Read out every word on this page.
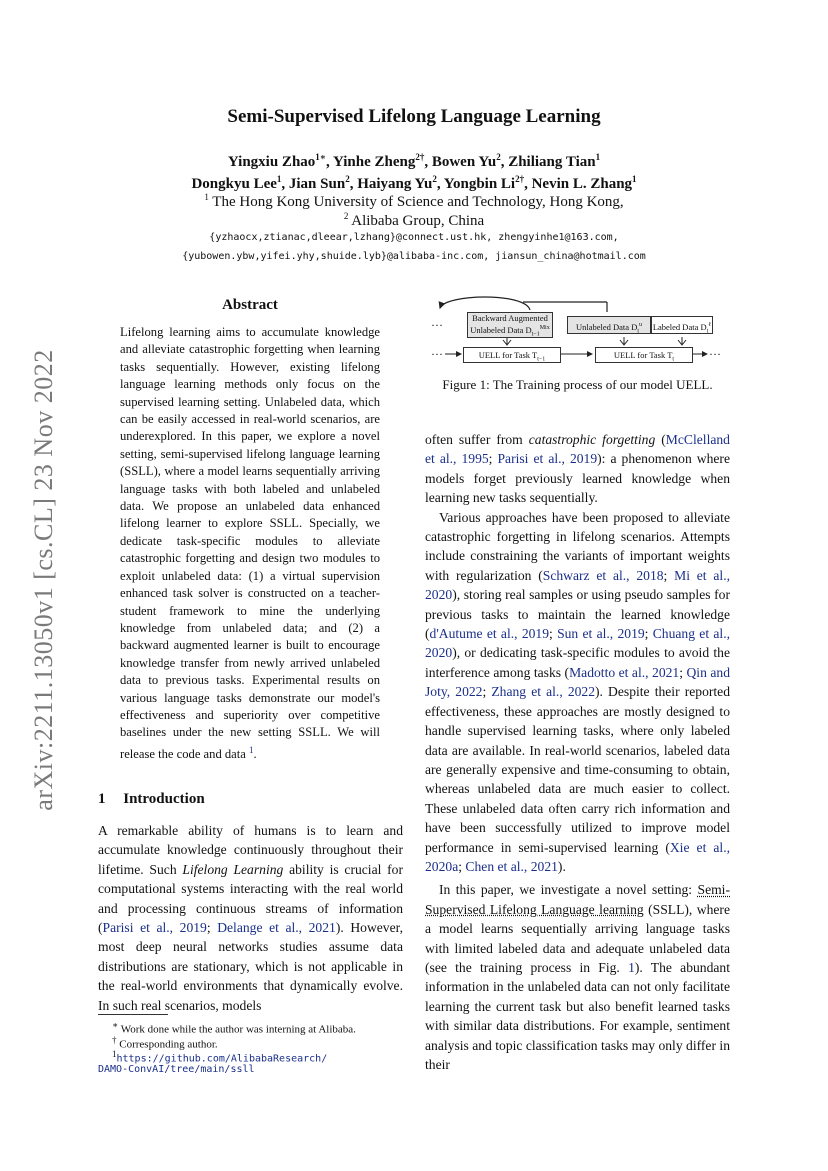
arXiv:2211.13050v1 [cs.CL] 23 Nov 2022
Semi-Supervised Lifelong Language Learning
Yingxiu Zhao$^{1∗}$, Yinhe Zheng$^{2\dagger}$, Bowen Yu$^2$, Zhiliang Tian$^1$
Dongkyu Lee$^1$, Jian Sun$^2$, Haiyang Yu$^2$, Yongbin $Li^{2\dagger}$, Nevin L. Zhang$^1$
$^1$ The Hong Kong University of Science and Technology, Hong Kong,
$^2$ Alibaba Group, China
{yzhaocx,ztianac,dleear,lzhang}@connect.ust.hk, zhengyinhe1@163.com,
{yubowen.ybw,yifei.yhy,shuide.lyb}@alibaba-inc.com, jiansun_china@hotmail.com
Abstract
Lifelong learning aims to accumulate knowledge and alleviate catastrophic forgetting when learning tasks sequentially. However, existing lifelong language learning methods only focus on the supervised learning setting. Unlabeled data, which can be easily accessed in real-world scenarios, are underexplored. In this paper, we explore a novel setting, semi-supervised lifelong language learning (SSLL), where a model learns sequentially arriving language tasks with both labeled and unlabeled data. We propose an unlabeled data enhanced lifelong learner to explore SSLL. Specially, we dedicate task-specific modules to alleviate catastrophic forgetting and design two modules to exploit unlabeled data: (1) a virtual supervision enhanced task solver is constructed on a teacher-student framework to mine the underlying knowledge from unlabeled data; and (2) a backward augmented learner is built to encourage knowledge transfer from newly arrived unlabeled data to previous tasks. Experimental results on various language tasks demonstrate our model's effectiveness and superiority over competitive baselines under the new setting SSLL. We will release the code and data $^1$.
1 Introduction
A remarkable ability of humans is to learn and accumulate knowledge continuously throughout their lifetime. Such Lifelong Learning ability is crucial for computational systems interacting with the real world and processing continuous streams of information (Parisi et al., 2019; Delange et al., 2021). However, most deep neural networks studies assume data distributions are stationary, which is not applicable in the real-world environments that dynamically evolve. In such real scenarios, models
∗ Work done while the author was interning at Alibaba.
† Corresponding author.
$^1$https://github.com/AlibabaResearch/
DAMO-ConvAI/tree/main/ssll
···	Backward Augmented
Unlabeled Data $D_{t-1}^{Mix}$	Unlabeled Data $D_t^u$	Labeled Data $D_t^\ell$
···	UELL for Task $T_{t-1}$	UELL for Task $T_t$	···
Figure 1: The Training process of our model UELL.

often suffer from catastrophic forgetting (McClelland et al., 1995; Parisi et al., 2019): a phenomenon where models forget previously learned knowledge when learning new tasks sequentially.

Various approaches have been proposed to alleviate catastrophic forgetting in lifelong scenarios. Attempts include constraining the variants of important weights with regularization (Schwarz et al., 2018; Mi et al., 2020), storing real samples or using pseudo samples for previous tasks to maintain the learned knowledge (d'Autume et al., 2019; Sun et al., 2019; Chuang et al., 2020), or dedicating task-specific modules to avoid the interference among tasks (Madotto et al., 2021; Qin and Joty, 2022; Zhang et al., 2022). Despite their reported effectiveness, these approaches are mostly designed to handle supervised learning tasks, where only labeled data are available. In real-world scenarios, labeled data are generally expensive and time-consuming to obtain, whereas unlabeled data are much easier to collect. These unlabeled data often carry rich information and have been successfully utilized to improve model performance in semi-supervised learning (Xie et al., 2020a; Chen et al., 2021).

In this paper, we investigate a novel setting: Semi-Supervised Lifelong Language learning (SSLL), where a model learns sequentially arriving language tasks with limited labeled data and adequate unlabeled data (see the training process in Fig. 1). The abundant information in the unlabeled data can not only facilitate learning the current task but also benefit learned tasks with similar data distributions. For example, sentiment analysis and topic classification tasks may only differ in their
